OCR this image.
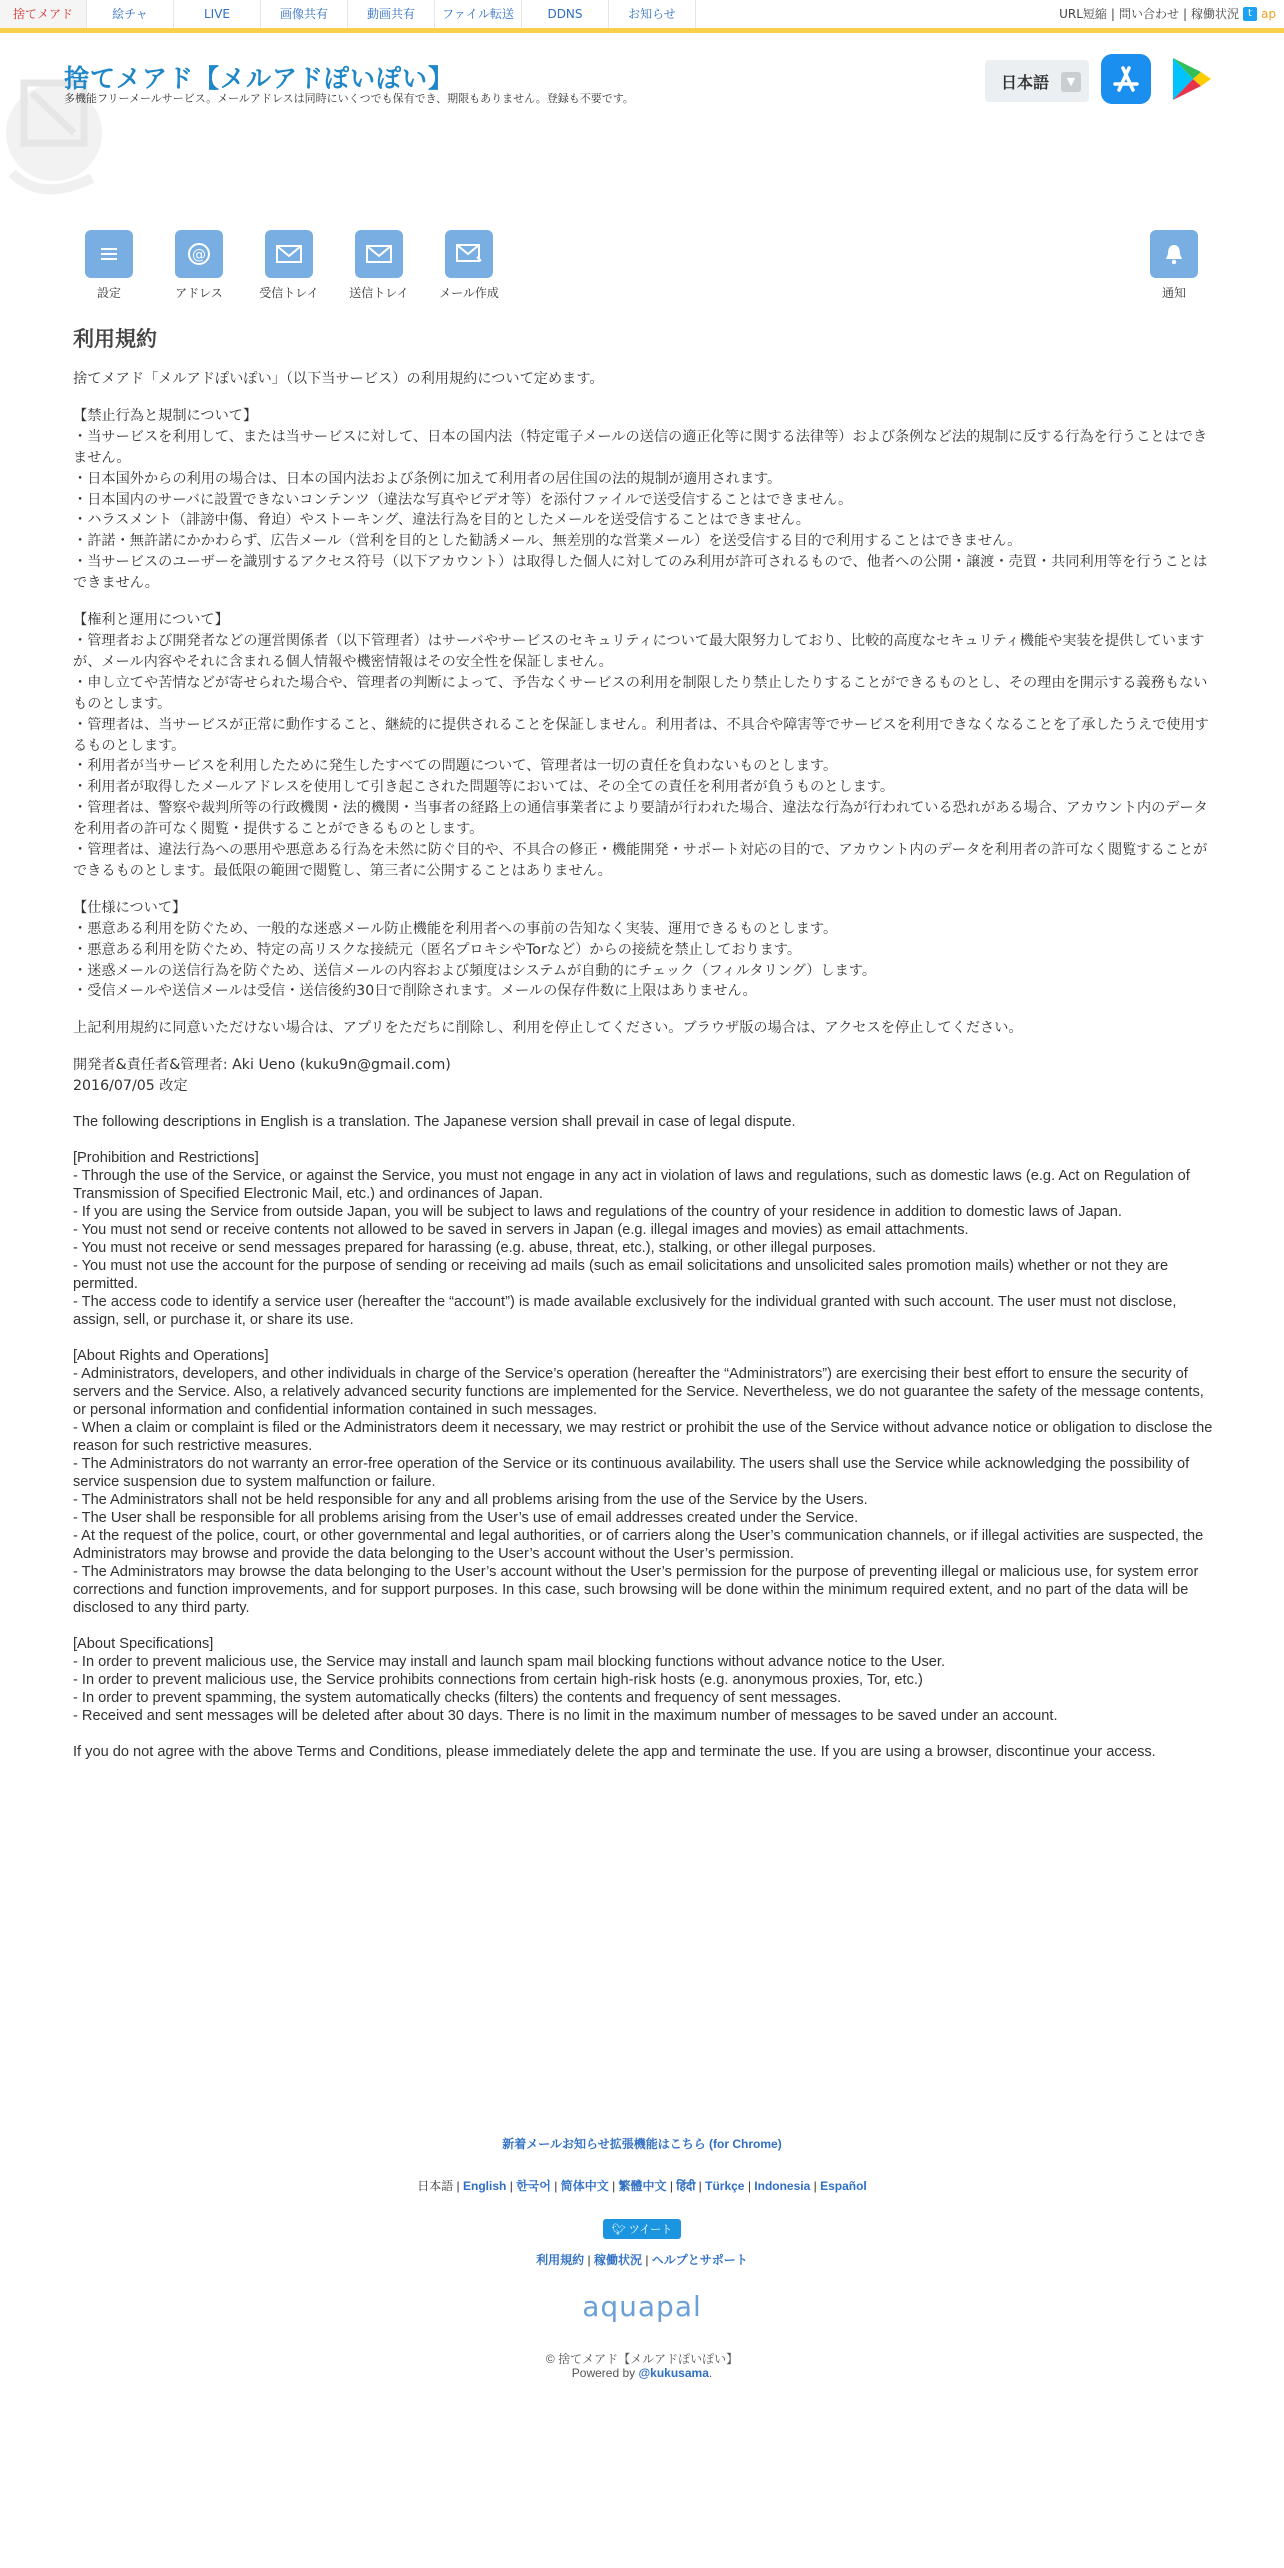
捨てメアド	絵チャ	LIVE	画像共有	動画共有	ファイル転送	DDNS	お知らせ	URL短縮 | 問い合わせ | 稼働状況 t ap
捨てメアド【メルアドぽいぽい】
多機能フリーメールサービス。メールアドレスは同時にいくつでも保有でき、期限もありません。登録も不要です。
日本語	▼
設定
@
アドレス	受信トレイ	送信トレイ	メール作成	通知
利用規約

捨てメアド「メルアドぽいぽい」（以下当サービス）の利用規約について定めます。

【禁止行為と規制について】

・当サービスを利用して、または当サービスに対して、日本の国内法（特定電子メールの送信の適正化等に関する法律等）および条例など法的規制に反する行為を行うことはできません。

・日本国外からの利用の場合は、日本の国内法および条例に加えて利用者の居住国の法的規制が適用されます。

・日本国内のサーバに設置できないコンテンツ（違法な写真やビデオ等）を添付ファイルで送受信することはできません。

・ハラスメント（誹謗中傷、脅迫）やストーキング、違法行為を目的としたメールを送受信することはできません。

・許諾・無許諾にかかわらず、広告メール（営利を目的とした勧誘メール、無差別的な営業メール）を送受信する目的で利用することはできません。

・当サービスのユーザーを識別するアクセス符号（以下アカウント）は取得した個人に対してのみ利用が許可されるもので、他者への公開・譲渡・売買・共同利用等を行うことはできません。

【権利と運用について】

・管理者および開発者などの運営関係者（以下管理者）はサーバやサービスのセキュリティについて最大限努力しており、比較的高度なセキュリティ機能や実装を提供していますが、メール内容やそれに含まれる個人情報や機密情報はその安全性を保証しません。

・申し立てや苦情などが寄せられた場合や、管理者の判断によって、予告なくサービスの利用を制限したり禁止したりすることができるものとし、その理由を開示する義務もないものとします。

・管理者は、当サービスが正常に動作すること、継続的に提供されることを保証しません。利用者は、不具合や障害等でサービスを利用できなくなることを了承したうえで使用するものとします。

・利用者が当サービスを利用したために発生したすべての問題について、管理者は一切の責任を負わないものとします。

・利用者が取得したメールアドレスを使用して引き起こされた問題等においては、その全ての責任を利用者が負うものとします。

・管理者は、警察や裁判所等の行政機関・法的機関・当事者の経路上の通信事業者により要請が行われた場合、違法な行為が行われている恐れがある場合、アカウント内のデータを利用者の許可なく閲覧・提供することができるものとします。

・管理者は、違法行為への悪用や悪意ある行為を未然に防ぐ目的や、不具合の修正・機能開発・サポート対応の目的で、アカウント内のデータを利用者の許可なく閲覧することができるものとします。最低限の範囲で閲覧し、第三者に公開することはありません。

【仕様について】

・悪意ある利用を防ぐため、一般的な迷惑メール防止機能を利用者への事前の告知なく実装、運用できるものとします。

・悪意ある利用を防ぐため、特定の高リスクな接続元（匿名プロキシやTorなど）からの接続を禁止しております。

・迷惑メールの送信行為を防ぐため、送信メールの内容および頻度はシステムが自動的にチェック（フィルタリング）します。

・受信メールや送信メールは受信・送信後約30日で削除されます。メールの保存件数に上限はありません。

上記利用規約に同意いただけない場合は、アプリをただちに削除し、利用を停止してください。ブラウザ版の場合は、アクセスを停止してください。

開発者&責任者&管理者: Aki Ueno (kuku9n@gmail.com)

2016/07/05 改定

The following descriptions in English is a translation. The Japanese version shall prevail in case of legal dispute.

[Prohibition and Restrictions]

- Through the use of the Service, or against the Service, you must not engage in any act in violation of laws and regulations, such as domestic laws (e.g. Act on Regulation of Transmission of Specified Electronic Mail, etc.) and ordinances of Japan.

- If you are using the Service from outside Japan, you will be subject to laws and regulations of the country of your residence in addition to domestic laws of Japan.

- You must not send or receive contents not allowed to be saved in servers in Japan (e.g. illegal images and movies) as email attachments.

- You must not receive or send messages prepared for harassing (e.g. abuse, threat, etc.), stalking, or other illegal purposes.

- You must not use the account for the purpose of sending or receiving ad mails (such as email solicitations and unsolicited sales promotion mails) whether or not they are permitted.

- The access code to identify a service user (hereafter the “account”) is made available exclusively for the individual granted with such account. The user must not disclose, assign, sell, or purchase it, or share its use.

[About Rights and Operations]

- Administrators, developers, and other individuals in charge of the Service’s operation (hereafter the “Administrators”) are exercising their best effort to ensure the security of servers and the Service. Also, a relatively advanced security functions are implemented for the Service. Nevertheless, we do not guarantee the safety of the message contents, or personal information and confidential information contained in such messages.

- When a claim or complaint is filed or the Administrators deem it necessary, we may restrict or prohibit the use of the Service without advance notice or obligation to disclose the reason for such restrictive measures.

- The Administrators do not warranty an error-free operation of the Service or its continuous availability. The users shall use the Service while acknowledging the possibility of service suspension due to system malfunction or failure.

- The Administrators shall not be held responsible for any and all problems arising from the use of the Service by the Users.

- The User shall be responsible for all problems arising from the User’s use of email addresses created under the Service.

- At the request of the police, court, or other governmental and legal authorities, or of carriers along the User’s communication channels, or if illegal activities are suspected, the Administrators may browse and provide the data belonging to the User’s account without the User’s permission.

- The Administrators may browse the data belonging to the User’s account without the User’s permission for the purpose of preventing illegal or malicious use, for system error corrections and function improvements, and for support purposes. In this case, such browsing will be done within the minimum required extent, and no part of the data will be disclosed to any third party.

[About Specifications]

- In order to prevent malicious use, the Service may install and launch spam mail blocking functions without advance notice to the User.

- In order to prevent malicious use, the Service prohibits connections from certain high-risk hosts (e.g. anonymous proxies, Tor, etc.)

- In order to prevent spamming, the system automatically checks (filters) the contents and frequency of sent messages.

- Received and sent messages will be deleted after about 30 days. There is no limit in the maximum number of messages to be saved under an account.

If you do not agree with the above Terms and Conditions, please immediately delete the app and terminate the use. If you are using a browser, discontinue your access.

新着メールお知らせ拡張機能はこちら (for Chrome)
日本語 | English | 한국어 | 简体中文 | 繁體中文 | हिंदी | Türkçe | Indonesia | Español
🐦︎ ツイート
利用規約 | 稼働状況 | ヘルプとサポート
aquapal
© 捨てメアド【メルアドぽいぽい】
Powered by @kukusama.
